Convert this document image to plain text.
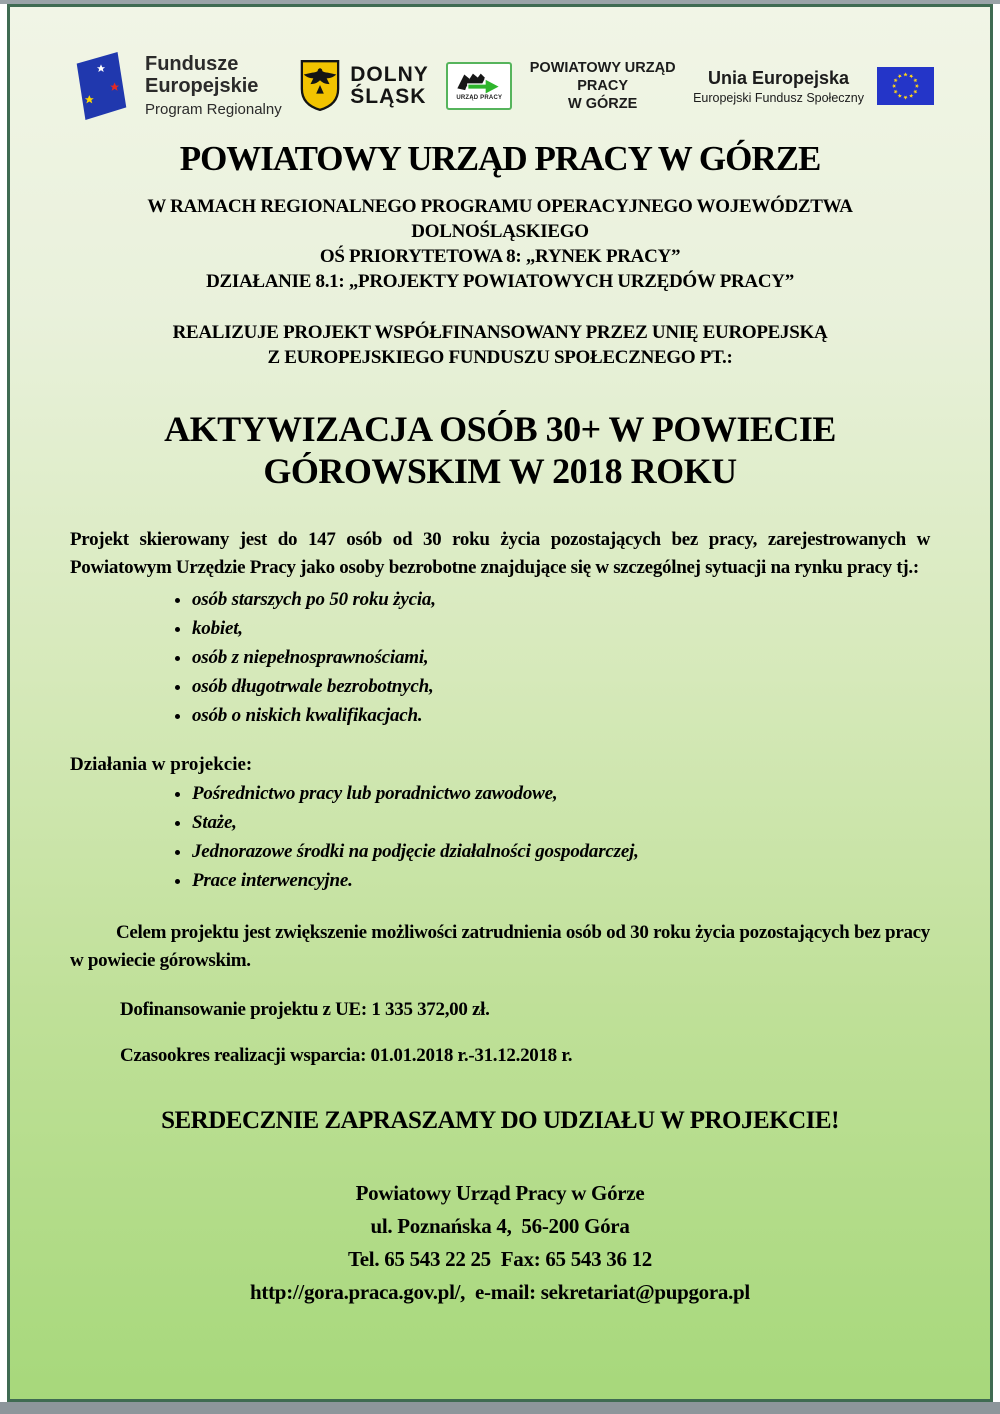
Fundusze
Europejskie
Program Regionalny
DOLNY
ŚLĄSK	URZĄD PRACY
POWIATOWY URZĄD
PRACY
W GÓRZE
Unia Europejska
Europejski Fundusz Społeczny
POWIATOWY URZĄD PRACY W GÓRZE
W RAMACH REGIONALNEGO PROGRAMU OPERACYJNEGO WOJEWÓDZTWA
DOLNOŚLĄSKIEGO
OŚ PRIORYTETOWA 8: „RYNEK PRACY”
DZIAŁANIE 8.1: „PROJEKTY POWIATOWYCH URZĘDÓW PRACY”
REALIZUJE PROJEKT WSPÓŁFINANSOWANY PRZEZ UNIĘ EUROPEJSKĄ
Z EUROPEJSKIEGO FUNDUSZU SPOŁECZNEGO PT.:
AKTYWIZACJA OSÓB 30+ W POWIECIE GÓROWSKIM W 2018 ROKU

Projekt skierowany jest do 147 osób od 30 roku życia pozostających bez pracy, zarejestrowanych w Powiatowym Urzędzie Pracy jako osoby bezrobotne znajdujące się w szczególnej sytuacji na rynku pracy tj.:

• osób starszych po 50 roku życia,
• kobiet,
• osób z niepełnosprawnościami,
• osób długotrwale bezrobotnych,
• osób o niskich kwalifikacjach.
Działania w projekcie:
• Pośrednictwo pracy lub poradnictwo zawodowe,
• Staże,
• Jednorazowe środki na podjęcie działalności gospodarczej,
• Prace interwencyjne.

Celem projektu jest zwiększenie możliwości zatrudnienia osób od 30 roku życia pozostających bez pracy w powiecie górowskim.

Dofinansowanie projektu z UE: 1 335 372,00 zł.
Czasookres realizacji wsparcia: 01.01.2018 r.-31.12.2018 r.
SERDECZNIE ZAPRASZAMY DO UDZIAŁU W PROJEKCIE!
Powiatowy Urząd Pracy w Górze
ul. Poznańska 4,  56-200 Góra
Tel. 65 543 22 25  Fax: 65 543 36 12
http://gora.praca.gov.pl/,  e-mail: sekretariat@pupgora.pl
